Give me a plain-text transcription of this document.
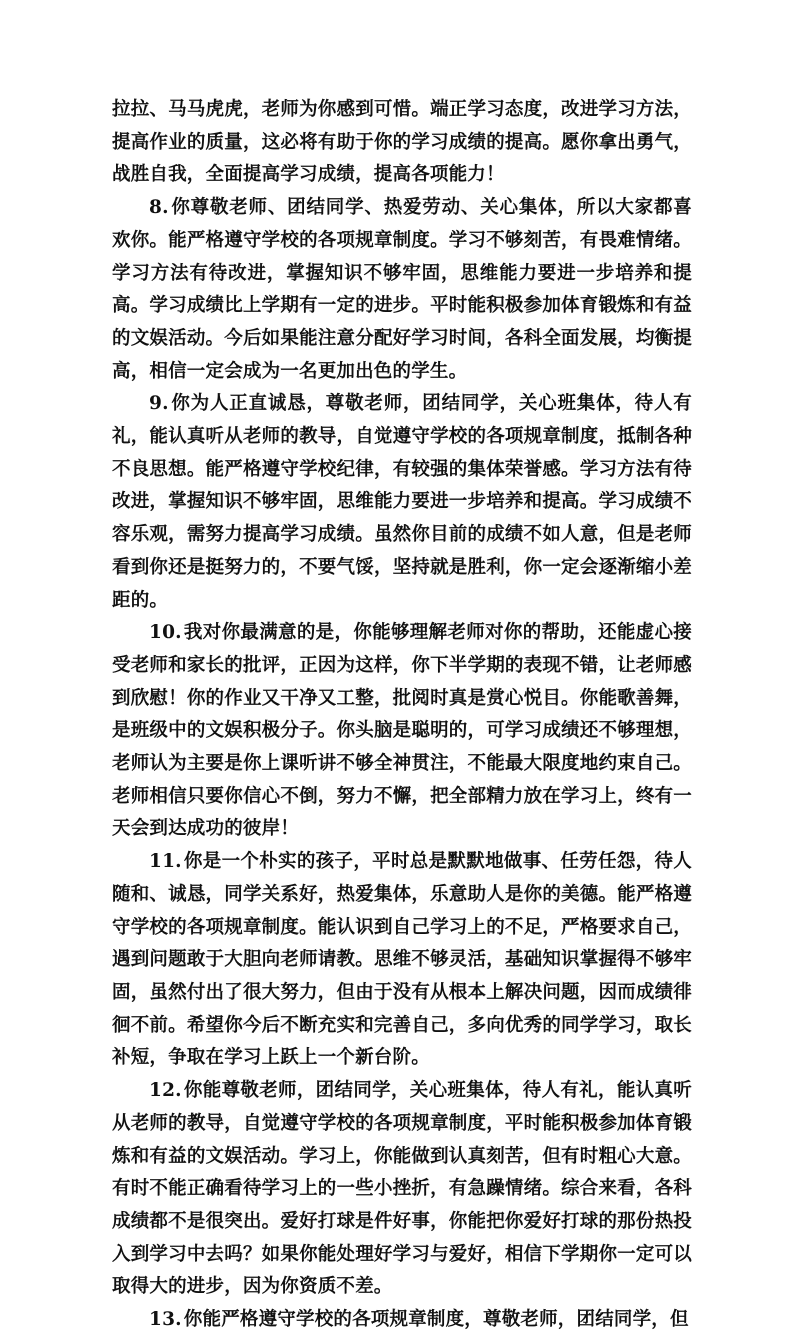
拉拉、马马虎虎，老师为你感到可惜。端正学习态度，改进学习方法，提高作业的质量，这必将有助于你的学习成绩的提高。愿你拿出勇气，战胜自我，全面提高学习成绩，提高各项能力！

8. 你尊敬老师、团结同学、热爱劳动、关心集体，所以大家都喜欢你。能严格遵守学校的各项规章制度。学习不够刻苦，有畏难情绪。学习方法有待改进，掌握知识不够牢固，思维能力要进一步培养和提高。学习成绩比上学期有一定的进步。平时能积极参加体育锻炼和有益的文娱活动。今后如果能注意分配好学习时间，各科全面发展，均衡提高，相信一定会成为一名更加出色的学生。

9. 你为人正直诚恳，尊敬老师，团结同学，关心班集体，待人有礼，能认真听从老师的教导，自觉遵守学校的各项规章制度，抵制各种不良思想。能严格遵守学校纪律，有较强的集体荣誉感。学习方法有待改进，掌握知识不够牢固，思维能力要进一步培养和提高。学习成绩不容乐观，需努力提高学习成绩。虽然你目前的成绩不如人意，但是老师看到你还是挺努力的，不要气馁，坚持就是胜利，你一定会逐渐缩小差距的。

10. 我对你最满意的是，你能够理解老师对你的帮助，还能虚心接受老师和家长的批评，正因为这样，你下半学期的表现不错，让老师感到欣慰！你的作业又干净又工整，批阅时真是赏心悦目。你能歌善舞，是班级中的文娱积极分子。你头脑是聪明的，可学习成绩还不够理想，老师认为主要是你上课听讲不够全神贯注，不能最大限度地约束自己。老师相信只要你信心不倒，努力不懈，把全部精力放在学习上，终有一天会到达成功的彼岸！

11. 你是一个朴实的孩子，平时总是默默地做事、任劳任怨，待人随和、诚恳，同学关系好，热爱集体，乐意助人是你的美德。能严格遵守学校的各项规章制度。能认识到自己学习上的不足，严格要求自己，遇到问题敢于大胆向老师请教。思维不够灵活，基础知识掌握得不够牢固，虽然付出了很大努力，但由于没有从根本上解决问题，因而成绩徘徊不前。希望你今后不断充实和完善自己，多向优秀的同学学习，取长补短，争取在学习上跃上一个新台阶。

12. 你能尊敬老师，团结同学，关心班集体，待人有礼，能认真听从老师的教导，自觉遵守学校的各项规章制度，平时能积极参加体育锻炼和有益的文娱活动。学习上，你能做到认真刻苦，但有时粗心大意。有时不能正确看待学习上的一些小挫折，有急躁情绪。综合来看，各科成绩都不是很突出。爱好打球是件好事，你能把你爱好打球的那份热投入到学习中去吗？如果你能处理好学习与爱好，相信下学期你一定可以取得大的进步，因为你资质不差。

13. 你能严格遵守学校的各项规章制度，尊敬老师，团结同学，但
